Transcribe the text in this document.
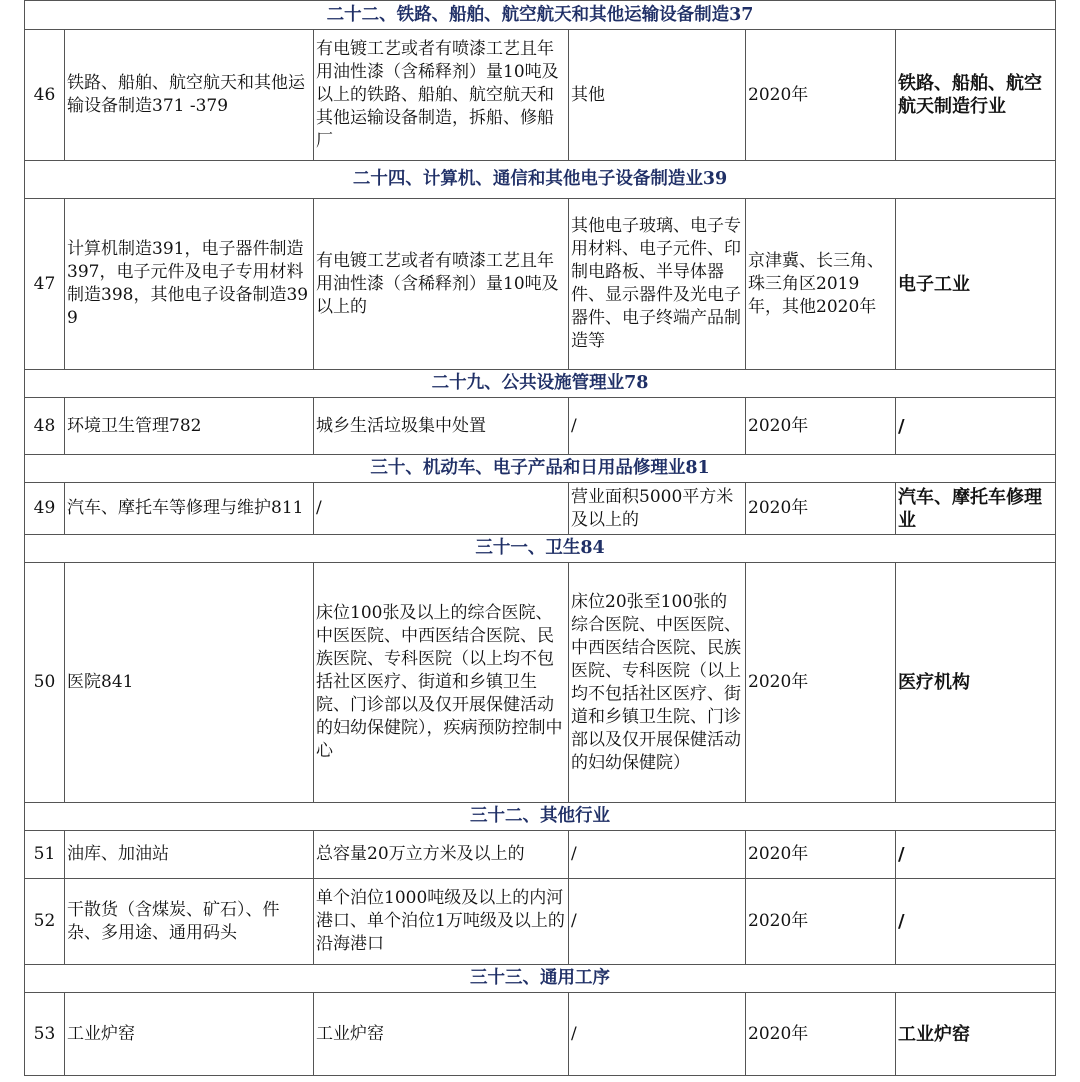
二十二、铁路、船舶、航空航天和其他运输设备制造37					
46	铁路、船舶、航空航天和其他运输设备制造371 -379	有电镀工艺或者有喷漆工艺且年用油性漆（含稀释剂）量10吨及以上的铁路、船舶、航空航天和其他运输设备制造，拆船、修船厂	其他	2020年	铁路、船舶、航空航天制造行业
二十四、计算机、通信和其他电子设备制造业39					
47	计算机制造391，电子器件制造397，电子元件及电子专用材料制造398，其他电子设备制造399	有电镀工艺或者有喷漆工艺且年用油性漆（含稀释剂）量10吨及以上的	其他电子玻璃、电子专用材料、电子元件、印制电路板、半导体器件、显示器件及光电子器件、电子终端产品制造等	京津冀、长三角、珠三角区2019年，其他2020年	电子工业
二十九、公共设施管理业78					
48	环境卫生管理782	城乡生活垃圾集中处置	/	2020年	/
三十、机动车、电子产品和日用品修理业81					
49	汽车、摩托车等修理与维护811	/	营业面积5000平方米及以上的	2020年	汽车、摩托车修理业
三十一、卫生84					
50	医院841	床位100张及以上的综合医院、中医医院、中西医结合医院、民族医院、专科医院（以上均不包括社区医疗、街道和乡镇卫生院、门诊部以及仅开展保健活动的妇幼保健院），疾病预防控制中心	床位20张至100张的综合医院、中医医院、中西医结合医院、民族医院、专科医院（以上均不包括社区医疗、街道和乡镇卫生院、门诊部以及仅开展保健活动的妇幼保健院）	2020年	医疗机构
三十二、其他行业					
51	油库、加油站	总容量20万立方米及以上的	/	2020年	/
52	干散货（含煤炭、矿石）、件杂、多用途、通用码头	单个泊位1000吨级及以上的内河港口、单个泊位1万吨级及以上的沿海港口	/	2020年	/
三十三、通用工序					
53	工业炉窑	工业炉窑	/	2020年	工业炉窑
